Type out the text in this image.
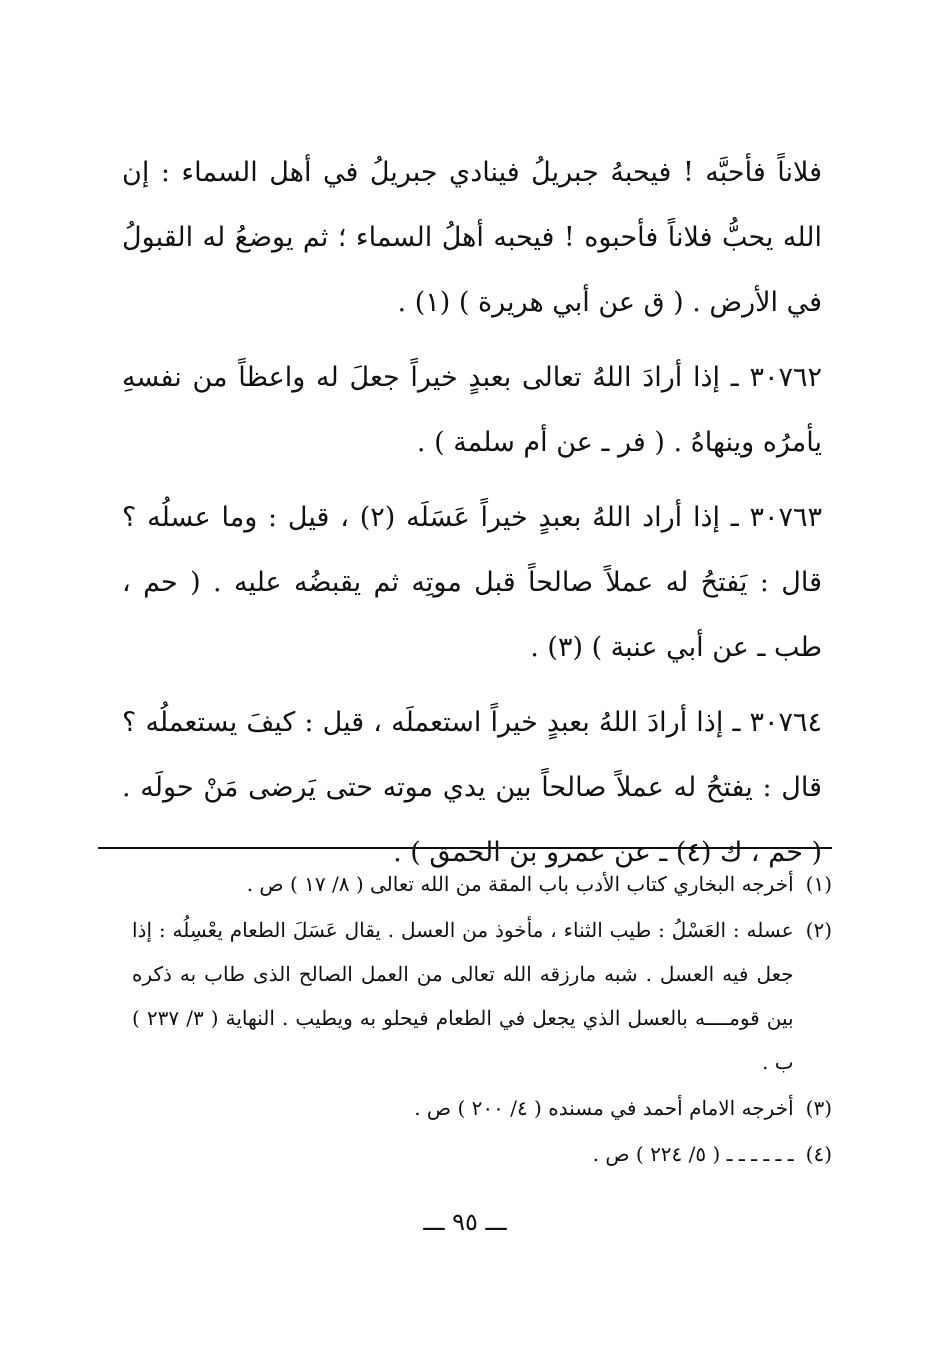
فلاناً فأحبَّه ! فيحبهُ جبريلُ فينادي جبريلُ في أهل السماء : إن الله يحبُّ فلاناً فأحبوه ! فيحبه أهلُ السماء ؛ ثم يوضعُ له القبولُ في الأرض . ( ق عن أبي هريرة ) (١) .

٣٠٧٦٢ ـ إذا أرادَ اللهُ تعالى بعبدٍ خيراً جعلَ له واعظاً من نفسهِ يأمرُه وينهاهُ . ( فر ـ عن أم سلمة ) .

٣٠٧٦٣ ـ إذا أراد اللهُ بعبدٍ خيراً عَسَلَه (٢) ، قيل : وما عسلُه ؟ قال : يَفتحُ له عملاً صالحاً قبل موتِه ثم يقبضُه عليه . ( حم ، طب ـ عن أبي عنبة ) (٣) .

٣٠٧٦٤ ـ إذا أرادَ اللهُ بعبدٍ خيراً استعملَه ، قيل : كيفَ يستعملُه ؟ قال : يفتحُ له عملاً صالحاً بين يدي موته حتى يَرضى مَنْ حولَه . ( حم ، ك (٤) ـ عن عمرو بن الحمق ) .

(١)
أخرجه البخاري كتاب الأدب باب المقة من الله تعالى ( ٨/ ١٧ ) ص .
(٢)
عسله : العَسْلُ : طيب الثناء ، مأخوذ من العسل . يقال عَسَلَ الطعام يعْسِلُه : إذا جعل فيه العسل . شبه مارزقه الله تعالى من العمل الصالح الذى طاب به ذكره بين قومــــه بالعسل الذي يجعل في الطعام فيحلو به ويطيب . النهاية ( ٣/ ٢٣٧ ) ب .
(٣)
أخرجه الامام أحمد في مسنده ( ٤/ ٢٠٠ ) ص .
(٤)
ـ ـ ـ ـ ـ ـ ( ٥/ ٢٢٤ ) ص .
ـــ ٩٥ ـــ
